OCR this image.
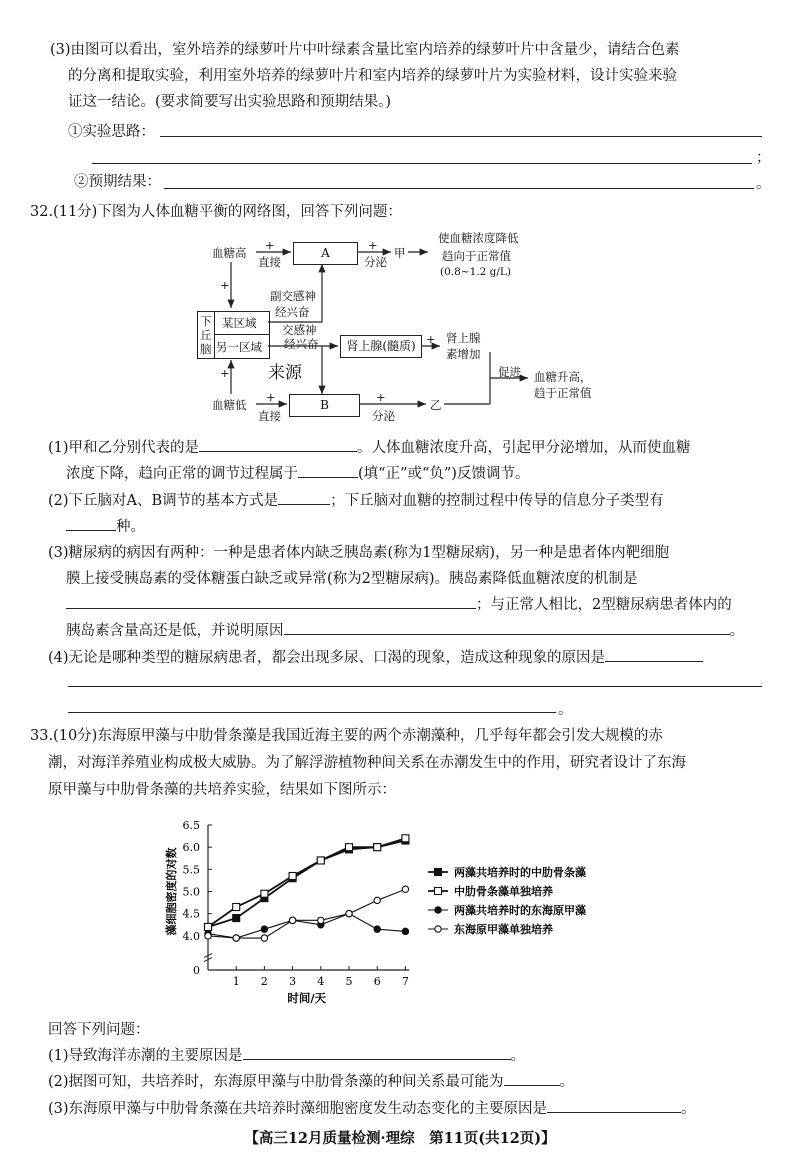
(3)由图可以看出，室外培养的绿萝叶片中叶绿素含量比室内培养的绿萝叶片中含量少，请结合色素
的分离和提取实验，利用室外培养的绿萝叶片和室内培养的绿萝叶片为实验材料，设计实验来验
证这一结论。(要求简要写出实验思路和预期结果。)
①实验思路：
；
②预期结果：	。
32.(11分)下图为人体血糖平衡的网络图，回答下列问题：
血糖高
+
直接
A
+
分泌
甲
使血糖浓度降低
趋向于正常值
(0.8~1.2 g/L)
+
副交感神
经兴奋
下
丘
脑
某区域
另一区域
交感神
经兴奋	肾上腺(髓质) + 肾上腺
素增加
来源
+	促进 血糖升高，
趋于正常值
血糖低
+
直接
B
+
分泌
乙
(1)甲和乙分别代表的是	。人体血糖浓度升高，引起甲分泌增加，从而使血糖
浓度下降，趋向正常的调节过程属于	(填“正”或“负”)反馈调节。
(2)下丘脑对A、B调节的基本方式是	；下丘脑对血糖的控制过程中传导的信息分子类型有
种。
(3)糖尿病的病因有两种：一种是患者体内缺乏胰岛素(称为1型糖尿病)，另一种是患者体内靶细胞
膜上接受胰岛素的受体糖蛋白缺乏或异常(称为2型糖尿病)。胰岛素降低血糖浓度的机制是
；与正常人相比，2型糖尿病患者体内的
胰岛素含量高还是低，并说明原因	。
(4)无论是哪种类型的糖尿病患者，都会出现多尿、口渴的现象，造成这种现象的原因是
。
33.(10分)东海原甲藻与中肋骨条藻是我国近海主要的两个赤潮藻种，几乎每年都会引发大规模的赤
潮，对海洋养殖业构成极大威胁。为了解浮游植物种间关系在赤潮发生中的作用，研究者设计了东海
原甲藻与中肋骨条藻的共培养实验，结果如下图所示：
0
4.0
4.5
5.0
5.5
6.0
6.5
1 2 3 4 5 6 7
时间/天
藻细胞密度的对数	两藻共培养时的中肋骨条藻
中肋骨条藻单独培养
两藻共培养时的东海原甲藻
东海原甲藻单独培养
回答下列问题：
(1)导致海洋赤潮的主要原因是	。
(2)据图可知，共培养时，东海原甲藻与中肋骨条藻的种间关系最可能为	。
(3)东海原甲藻与中肋骨条藻在共培养时藻细胞密度发生动态变化的主要原因是	。
【高三12月质量检测·理综　第11页(共12页)】
